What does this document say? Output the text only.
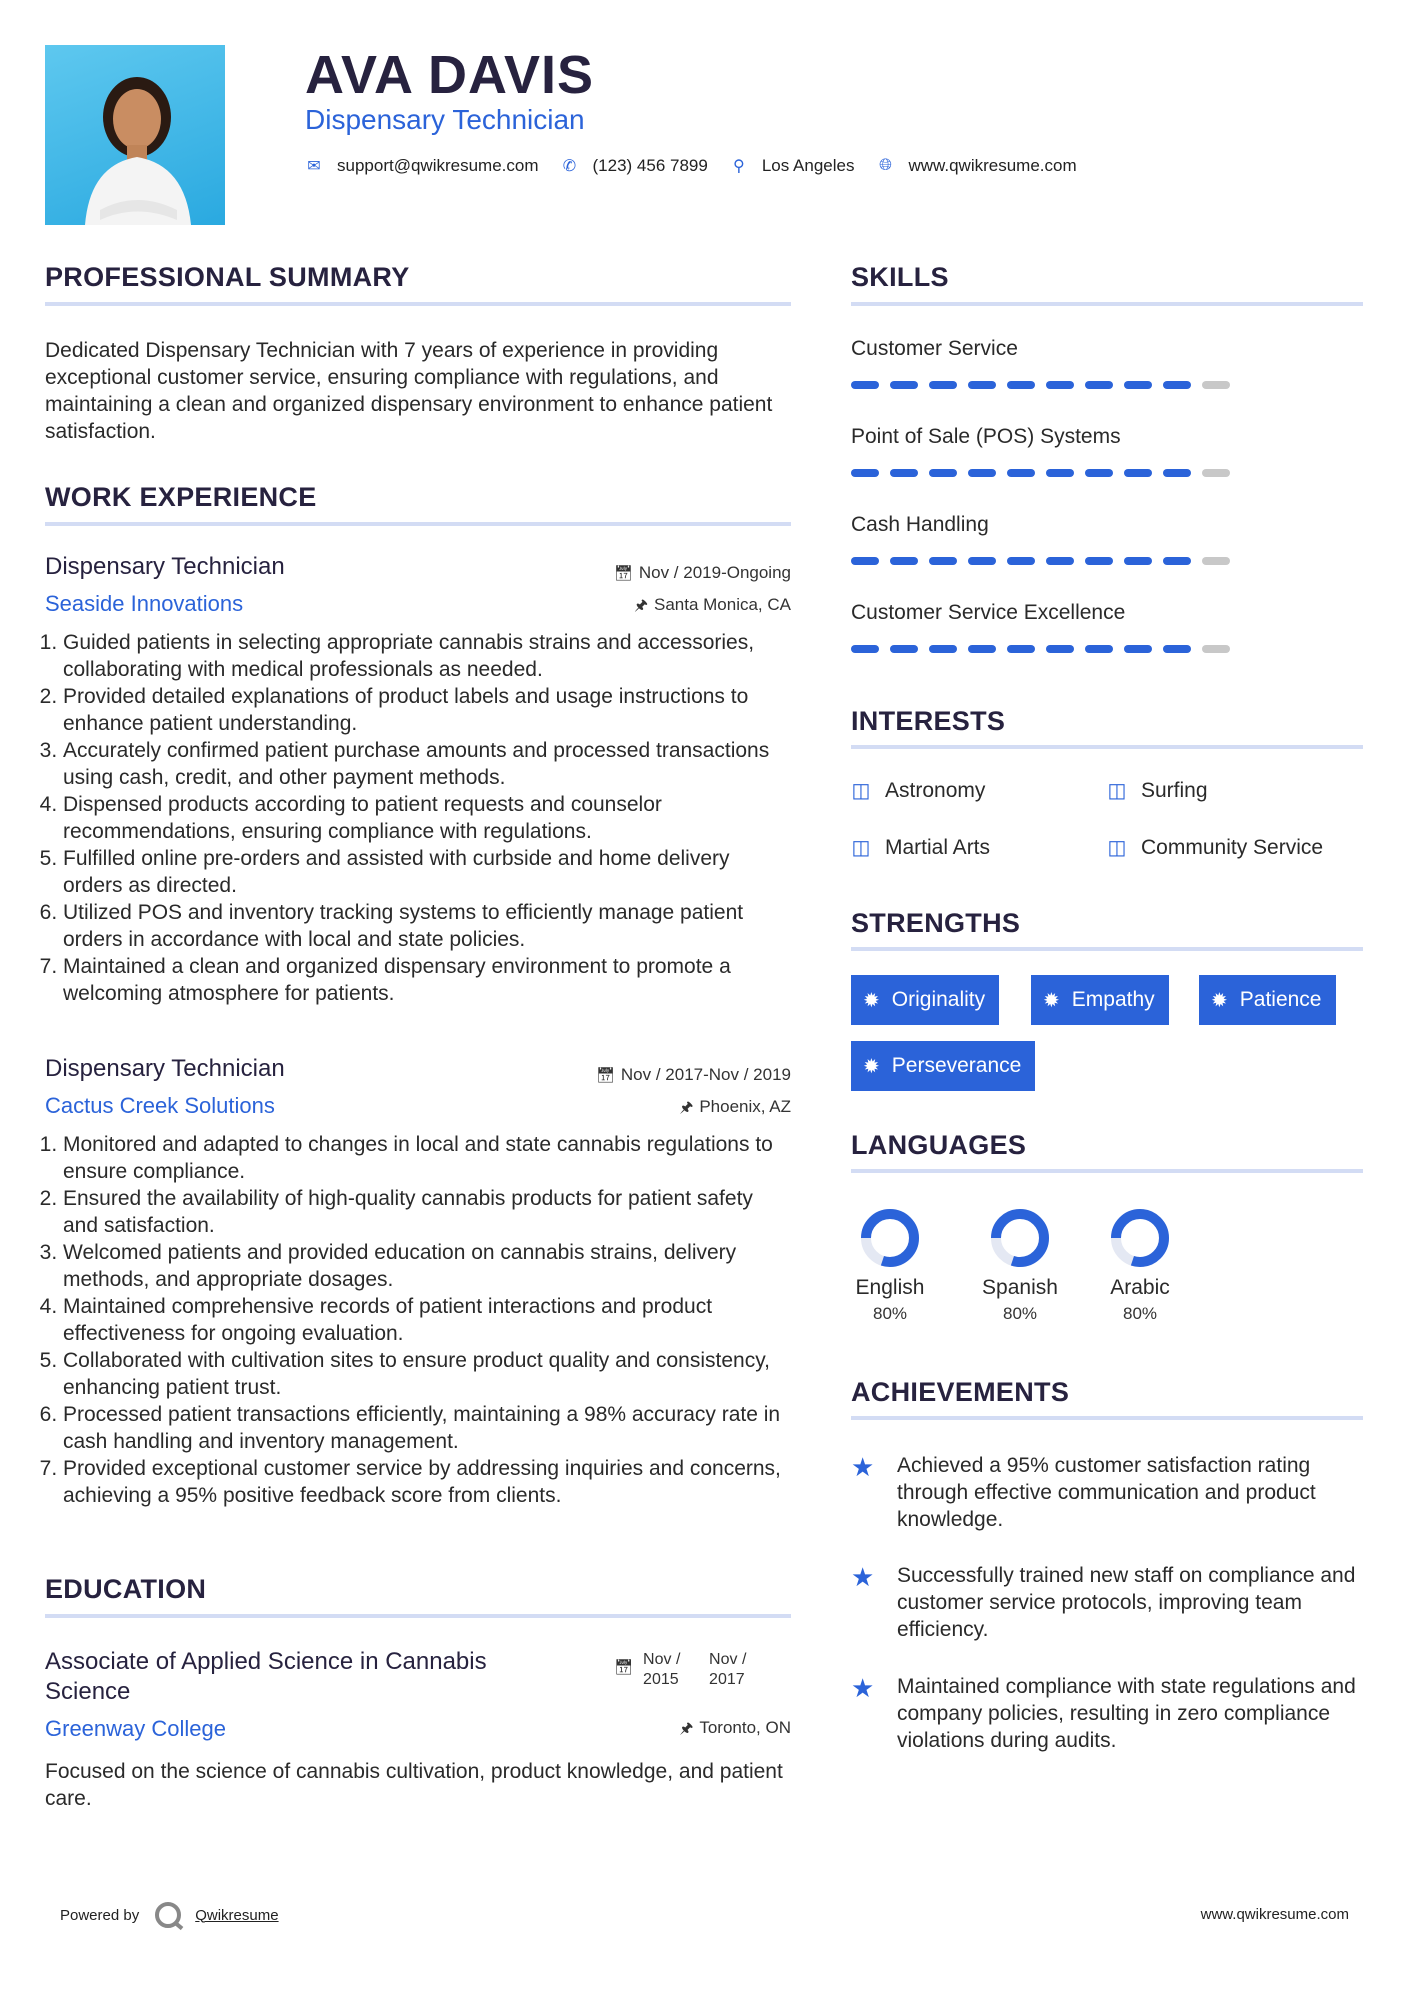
AVA DAVIS
Dispensary Technician
✉ support@qwikresume.com ✆ (123) 456 7899 ⚲ Los Angeles 🌐︎ www.qwikresume.com
PROFESSIONAL SUMMARY
Dedicated Dispensary Technician with 7 years of experience in providing exceptional customer service, ensuring compliance with regulations, and maintaining a clean and organized dispensary environment to enhance patient satisfaction.
WORK EXPERIENCE
Dispensary Technician
Seaside Innovations
📅︎ Nov / 2019-Ongoing
🖈︎ Santa Monica, CA
1. Guided patients in selecting appropriate cannabis strains and accessories, collaborating with medical professionals as needed.
2. Provided detailed explanations of product labels and usage instructions to enhance patient understanding.
3. Accurately confirmed patient purchase amounts and processed transactions using cash, credit, and other payment methods.
4. Dispensed products according to patient requests and counselor recommendations, ensuring compliance with regulations.
5. Fulfilled online pre-orders and assisted with curbside and home delivery orders as directed.
6. Utilized POS and inventory tracking systems to efficiently manage patient orders in accordance with local and state policies.
7. Maintained a clean and organized dispensary environment to promote a welcoming atmosphere for patients.
Dispensary Technician
Cactus Creek Solutions
📅︎ Nov / 2017-Nov / 2019
🖈︎ Phoenix, AZ
1. Monitored and adapted to changes in local and state cannabis regulations to ensure compliance.
2. Ensured the availability of high-quality cannabis products for patient safety and satisfaction.
3. Welcomed patients and provided education on cannabis strains, delivery methods, and appropriate dosages.
4. Maintained comprehensive records of patient interactions and product effectiveness for ongoing evaluation.
5. Collaborated with cultivation sites to ensure product quality and consistency, enhancing patient trust.
6. Processed patient transactions efficiently, maintaining a 98% accuracy rate in cash handling and inventory management.
7. Provided exceptional customer service by addressing inquiries and concerns, achieving a 95% positive feedback score from clients.
EDUCATION
Associate of Applied Science in Cannabis
Science
📅︎ Nov /
2015
Nov /
2017
Greenway College	🖈︎ Toronto, ON
Focused on the science of cannabis cultivation, product knowledge, and patient care.
SKILLS
Customer Service
Point of Sale (POS) Systems
Cash Handling
Customer Service Excellence
INTERESTS
◫ Astronomy	◫ Surfing
◫ Martial Arts	◫ Community Service
STRENGTHS
✹ Originality	✹ Empathy	✹ Patience
✹ Perseverance
LANGUAGES
English
80%
Spanish
80%
Arabic
80%
ACHIEVEMENTS
★	Achieved a 95% customer satisfaction rating through effective communication and product knowledge.
★	Successfully trained new staff on compliance and customer service protocols, improving team efficiency.
★	Maintained compliance with state regulations and company policies, resulting in zero compliance violations during audits.
Powered by	Qwikresume	www.qwikresume.com
